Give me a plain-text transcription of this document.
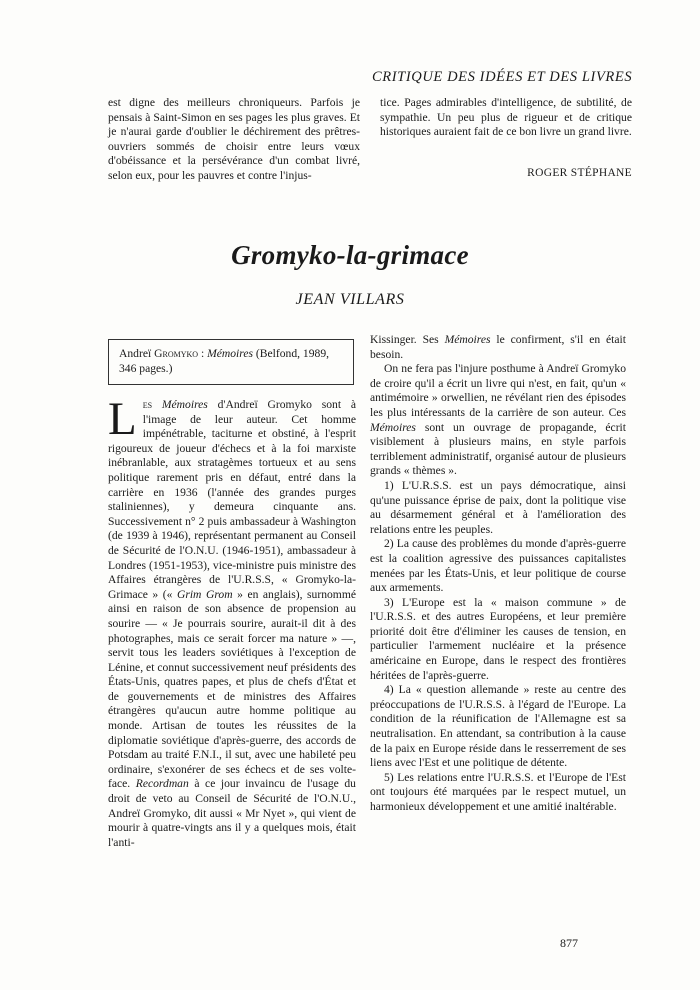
CRITIQUE DES IDÉES ET DES LIVRES

est digne des meilleurs chroniqueurs. Parfois je pensais à Saint-Simon en ses pages les plus graves. Et je n'aurai garde d'oublier le déchirement des prêtres-ouvriers sommés de choisir entre leurs vœux d'obéissance et la persévérance d'un combat livré, selon eux, pour les pauvres et contre l'injus-

tice. Pages admirables d'intelligence, de subtilité, de sympathie. Un peu plus de rigueur et de critique historiques auraient fait de ce bon livre un grand livre.

ROGER STÉPHANE
Gromyko-la-grimace
JEAN VILLARS
Andreï Gromyko : Mémoires (Belfond, 1989, 346 pages.)

Les Mémoires d'Andreï Gromyko sont à l'image de leur auteur. Cet homme impénétrable, taciturne et obstiné, à l'esprit rigoureux de joueur d'échecs et à la foi marxiste inébranlable, aux stratagèmes tortueux et au sens politique rarement pris en défaut, entré dans la carrière en 1936 (l'année des grandes purges staliniennes), y demeura cinquante ans. Successivement n° 2 puis ambassadeur à Washington (de 1939 à 1946), représentant permanent au Conseil de Sécurité de l'O.N.U. (1946-1951), ambassadeur à Londres (1951-1953), vice-ministre puis ministre des Affaires étrangères de l'U.R.S.S, « Gromyko-la-Grimace » (« Grim Grom » en anglais), surnommé ainsi en raison de son absence de propension au sourire — « Je pourrais sourire, aurait-il dit à des photographes, mais ce serait forcer ma nature » —, servit tous les leaders soviétiques à l'exception de Lénine, et connut successivement neuf présidents des États-Unis, quatres papes, et plus de chefs d'État et de gouvernements et de ministres des Affaires étrangères qu'aucun autre homme politique au monde. Artisan de toutes les réussites de la diplomatie soviétique d'après-guerre, des accords de Potsdam au traité F.N.I., il sut, avec une habileté peu ordinaire, s'exonérer de ses échecs et de ses volte-face. Recordman à ce jour invaincu de l'usage du droit de veto au Conseil de Sécurité de l'O.N.U., Andreï Gromyko, dit aussi « Mr Nyet », qui vient de mourir à quatre-vingts ans il y a quelques mois, était l'anti-

Kissinger. Ses Mémoires le confirment, s'il en était besoin.

On ne fera pas l'injure posthume à Andreï Gromyko de croire qu'il a écrit un livre qui n'est, en fait, qu'un « antimémoire » orwellien, ne révélant rien des épisodes les plus intéressants de la carrière de son auteur. Ces Mémoires sont un ouvrage de propagande, écrit visiblement à plusieurs mains, en style parfois terriblement administratif, organisé autour de plusieurs grands « thèmes ».

1) L'U.R.S.S. est un pays démocratique, ainsi qu'une puissance éprise de paix, dont la politique vise au désarmement général et à l'amélioration des relations entre les peuples.

2) La cause des problèmes du monde d'après-guerre est la coalition agressive des puissances capitalistes menées par les États-Unis, et leur politique de course aux armements.

3) L'Europe est la « maison commune » de l'U.R.S.S. et des autres Européens, et leur première priorité doit être d'éliminer les causes de tension, en particulier l'armement nucléaire et la présence américaine en Europe, dans le respect des frontières héritées de l'après-guerre.

4) La « question allemande » reste au centre des préoccupations de l'U.R.S.S. à l'égard de l'Europe. La condition de la réunification de l'Allemagne est sa neutralisation. En attendant, sa contribution à la cause de la paix en Europe réside dans le resserrement de ses liens avec l'Est et une politique de détente.

5) Les relations entre l'U.R.S.S. et l'Europe de l'Est ont toujours été marquées par le respect mutuel, un harmonieux développement et une amitié inaltérable.

877
